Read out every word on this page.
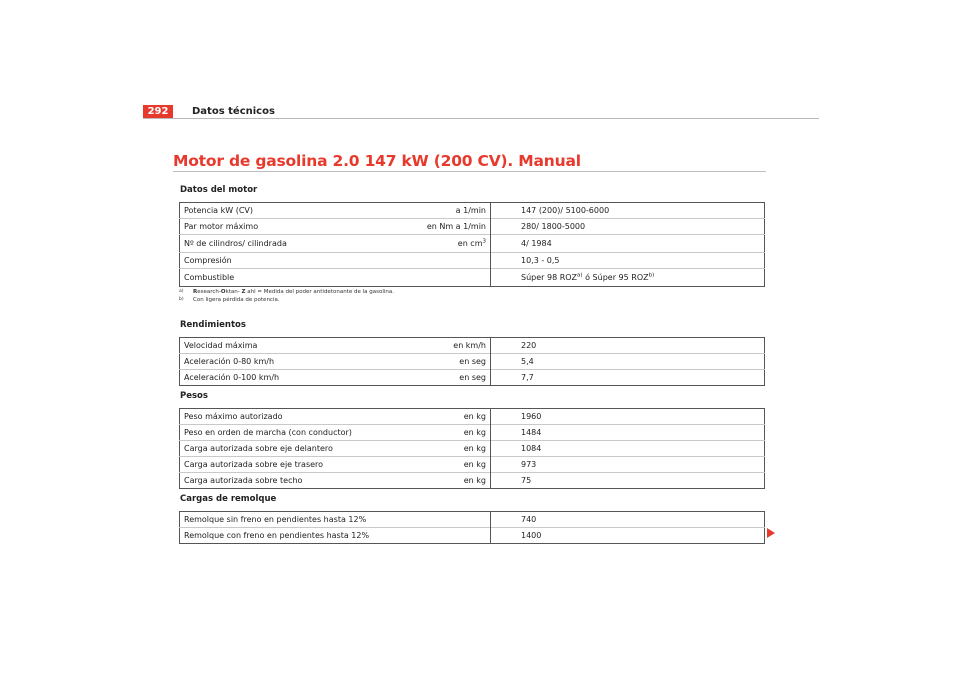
292	Datos técnicos
Motor de gasolina 2.0 147 kW (200 CV). Manual
Datos del motor
Potencia kW (CV)	a 1/min	147 (200)/ 5100-6000
Par motor máximo	en Nm a 1/min	280/ 1800-5000
Nº de cilindros/ cilindrada	en $cm^3$	4/ 1984
Compresión		10,3 - 0,5
Combustible		Súper 98 ROZ$^{a)}$ ó Súper 95 ROZ$^{b)}$
a) Research-Oktan- Z ahl = Medida del poder antidetonante de la gasolina.
b) Con ligera pérdida de potencia.
Rendimientos
Velocidad máxima	en km/h	220
Aceleración 0-80 km/h	en seg	5,4
Aceleración 0-100 km/h	en seg	7,7
Pesos
Peso máximo autorizado	en kg	1960
Peso en orden de marcha (con conductor)	en kg	1484
Carga autorizada sobre eje delantero	en kg	1084
Carga autorizada sobre eje trasero	en kg	973
Carga autorizada sobre techo	en kg	75
Cargas de remolque
Remolque sin freno en pendientes hasta 12%		740
Remolque con freno en pendientes hasta 12%		1400
